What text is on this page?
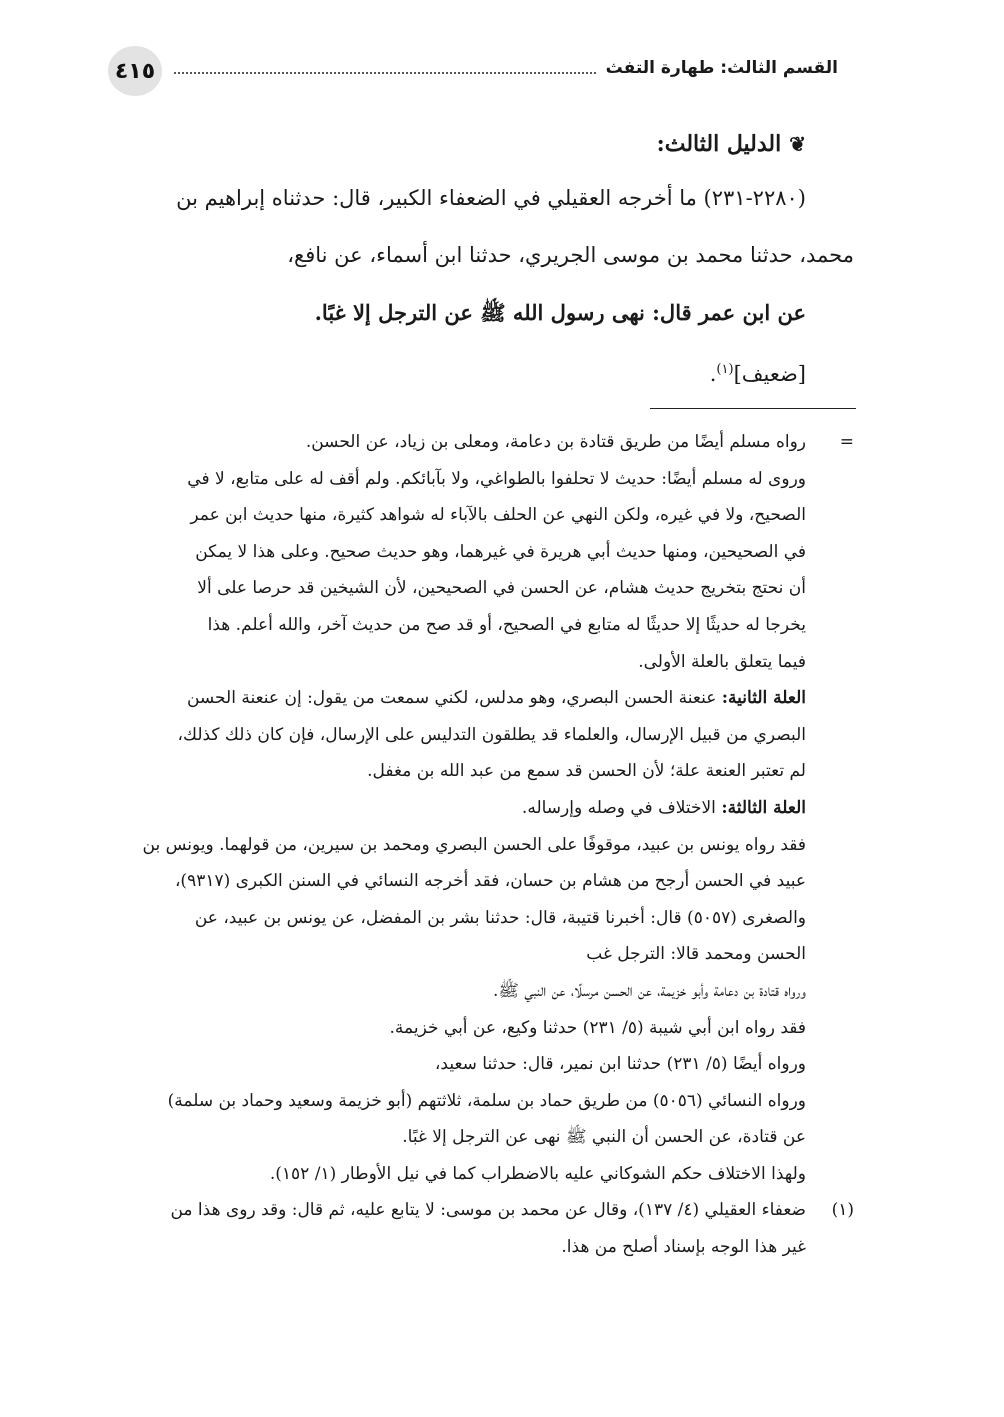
٤١٥	القسم الثالث: طهارة التفث

❦الدليل الثالث:

(٢٢٨٠-٢٣١) ما أخرجه العقيلي في الضعفاء الكبير، قال: حدثناه إبراهيم بن

محمد، حدثنا محمد بن موسى الجريري، حدثنا ابن أسماء، عن نافع،

عن ابن عمر قال: نهى رسول الله ﷺ عن الترجل إلا غبًا.

[ضعيف]$^{(١)}$.

=
رواه مسلم أيضًا من طريق قتادة بن دعامة، ومعلى بن زياد، عن الحسن.

وروى له مسلم أيضًا: حديث لا تحلفوا بالطواغي، ولا بآبائكم. ولم أقف له على متابع، لا في

الصحيح، ولا في غيره، ولكن النهي عن الحلف بالآباء له شواهد كثيرة، منها حديث ابن عمر

في الصحيحين، ومنها حديث أبي هريرة في غيرهما، وهو حديث صحيح. وعلى هذا لا يمكن

أن نحتج بتخريج حديث هشام، عن الحسن في الصحيحين، لأن الشيخين قد حرصا على ألا

يخرجا له حديثًا إلا حديثًا له متابع في الصحيح، أو قد صح من حديث آخر، والله أعلم. هذا

فيما يتعلق بالعلة الأولى.

العلة الثانية: عنعنة الحسن البصري، وهو مدلس، لكني سمعت من يقول: إن عنعنة الحسن

البصري من قبيل الإرسال، والعلماء قد يطلقون التدليس على الإرسال، فإن كان ذلك كذلك،

لم تعتبر العنعة علة؛ لأن الحسن قد سمع من عبد الله بن مغفل.

العلة الثالثة: الاختلاف في وصله وإرساله.

فقد رواه يونس بن عبيد، موقوفًا على الحسن البصري ومحمد بن سيرين، من قولهما. ويونس بن

عبيد في الحسن أرجح من هشام بن حسان، فقد أخرجه النسائي في السنن الكبرى (٩٣١٧)،

والصغرى (٥٠٥٧) قال: أخبرنا قتيبة، قال: حدثنا بشر بن المفضل، عن يونس بن عبيد، عن

الحسن ومحمد قالا: الترجل غب

ورواه قتادة بن دعامة وأبو خزيمة، عن الحسن مرسلًا، عن النبي ﷺ.

فقد رواه ابن أبي شيبة (٥/ ٢٣١) حدثنا وكيع، عن أبي خزيمة.

ورواه أيضًا (٥/ ٢٣١) حدثنا ابن نمير، قال: حدثنا سعيد،

ورواه النسائي (٥٠٥٦) من طريق حماد بن سلمة، ثلاثتهم (أبو خزيمة وسعيد وحماد بن سلمة)

عن قتادة، عن الحسن أن النبي ﷺ نهى عن الترجل إلا غبًا.

ولهذا الاختلاف حكم الشوكاني عليه بالاضطراب كما في نيل الأوطار (١/ ١٥٢).

(١)
ضعفاء العقيلي (٤/ ١٣٧)، وقال عن محمد بن موسى: لا يتابع عليه، ثم قال: وقد روى هذا من

غير هذا الوجه بإسناد أصلح من هذا.
